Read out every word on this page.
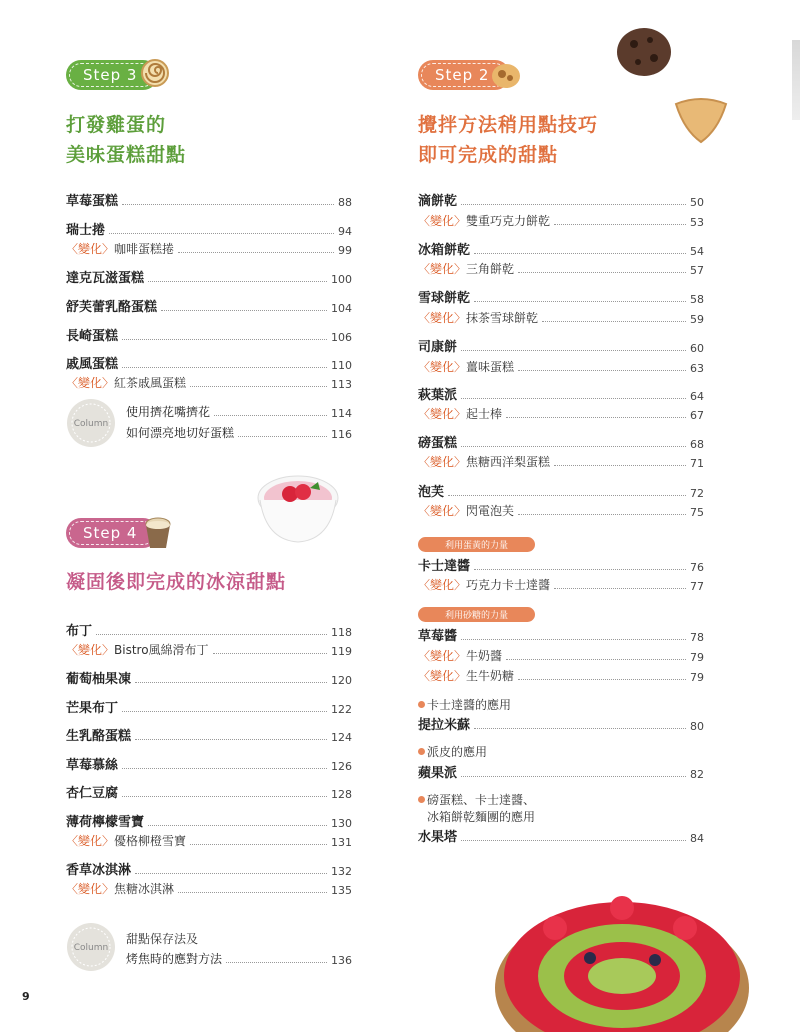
Step 3
打發雞蛋的
美味蛋糕甜點
草莓蛋糕	88
瑞士捲	94
〈變化〉咖啡蛋糕捲	99
達克瓦滋蛋糕	100
舒芙蕾乳酪蛋糕	104
長崎蛋糕	106
戚風蛋糕	110
〈變化〉紅茶戚風蛋糕	113
Column
使用擠花嘴擠花	114
如何漂亮地切好蛋糕	116
Step 4
凝固後即完成的冰涼甜點
布丁	118
〈變化〉Bistro風綿滑布丁	119
葡萄柚果凍	120
芒果布丁	122
生乳酪蛋糕	124
草莓慕絲	126
杏仁豆腐	128
薄荷檸檬雪寶	130
〈變化〉優格柳橙雪寶	131
香草冰淇淋	132
〈變化〉焦糖冰淇淋	135
Column
甜點保存法及
烤焦時的應對方法	136
Step 2
攪拌方法稍用點技巧
即可完成的甜點
滴餅乾	50
〈變化〉雙重巧克力餅乾	53
冰箱餅乾	54
〈變化〉三角餅乾	57
雪球餅乾	58
〈變化〉抹茶雪球餅乾	59
司康餅	60
〈變化〉薑味蛋糕	63
萩葉派	64
〈變化〉起士棒	67
磅蛋糕	68
〈變化〉焦糖西洋梨蛋糕	71
泡芙	72
〈變化〉閃電泡芙	75
利用蛋黃的力量
卡士達醬	76
〈變化〉巧克力卡士達醬	77
利用砂糖的力量
草莓醬	78
〈變化〉牛奶醬	79
〈變化〉生牛奶糖	79
卡士達醬的應用
提拉米蘇	80
派皮的應用
蘋果派	82
磅蛋糕、卡士達醬、
冰箱餅乾麵團的應用
水果塔	84
9
